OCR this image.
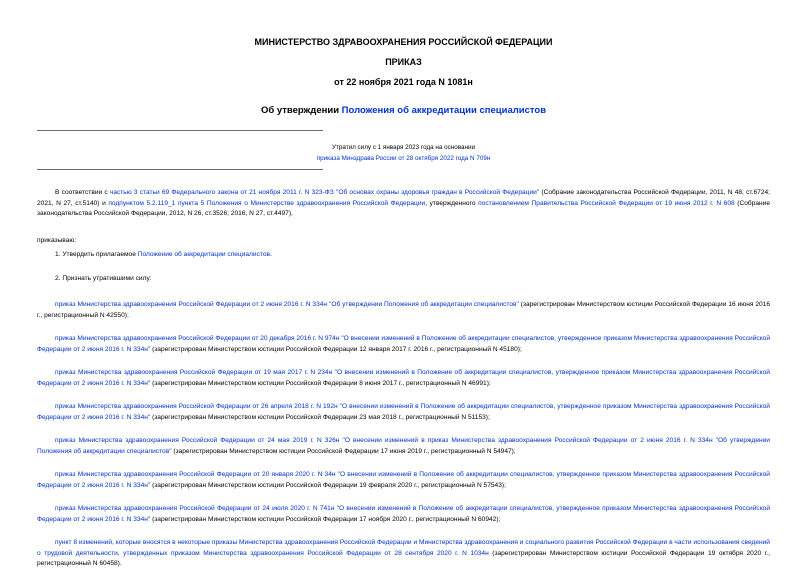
МИНИСТЕРСТВО ЗДРАВООХРАНЕНИЯ РОССИЙСКОЙ ФЕДЕРАЦИИ
ПРИКАЗ
от 22 ноября 2021 года N 1081н
Об утверждении Положения об аккредитации специалистов
Утратил силу с 1 января 2023 года на основании
приказа Минздрава России от 28 октября 2022 года N 709н

В соответствии с частью 3 статьи 69 Федерального закона от 21 ноября 2011 г. N 323-ФЗ "Об основах охраны здоровья граждан в Российской Федерации" (Собрание законодательства Российской Федерации, 2011, N 48, ст.6724; 2021, N 27, ст.5140) и подпунктом 5.2.119_1 пункта 5 Положения о Министерстве здравоохранения Российской Федерации, утвержденного постановлением Правительства Российской Федерации от 19 июня 2012 г. N 608 (Собрание законодательства Российской Федерации, 2012, N 26, ст.3526; 2016, N 27, ст.4497),

приказываю:

1. Утвердить прилагаемое Положение об аккредитации специалистов.

2. Признать утратившими силу:

приказ Министерства здравоохранения Российской Федерации от 2 июня 2016 г. N 334н "Об утверждении Положения об аккредитации специалистов" (зарегистрирован Министерством юстиции Российской Федерации 16 июня 2016 г., регистрационный N 42550);

приказ Министерства здравоохранения Российской Федерации от 20 декабря 2016 г. N 974н "О внесении изменений в Положение об аккредитации специалистов, утвержденное приказом Министерства здравоохранения Российской Федерации от 2 июня 2016 г. N 334н" (зарегистрирован Министерством юстиции Российской Федерации 12 января 2017 г. 2016 г., регистрационный N 45180);

приказ Министерства здравоохранения Российской Федерации от 19 мая 2017 г. N 234н "О внесении изменений в Положение об аккредитации специалистов, утвержденное приказом Министерства здравоохранения Российской Федерации от 2 июня 2016 г. N 334н" (зарегистрирован Министерством юстиции Российской Федерации 8 июня 2017 г., регистрационный N 46991);

приказ Министерства здравоохранения Российской Федерации от 26 апреля 2018 г. N 192н "О внесении изменений в Положение об аккредитации специалистов, утвержденное приказом Министерства здравоохранения Российской Федерации от 2 июня 2016 г. N 334н" (зарегистрирован Министерством юстиции Российской Федерации 23 мая 2018 г., регистрационный N 51153);

приказ Министерства здравоохранения Российской Федерации от 24 мая 2019 г. N 326н "О внесении изменений в приказ Министерства здравоохранения Российской Федерации от 2 июня 2016 г. N 334н "Об утверждении Положения об аккредитации специалистов" (зарегистрирован Министерством юстиции Российской Федерации 17 июня 2019 г., регистрационный N 54947);

приказ Министерства здравоохранения Российской Федерации от 20 января 2020 г. N 34н "О внесении изменений в Положение об аккредитации специалистов, утвержденное приказом Министерства здравоохранения Российской Федерации от 2 июня 2016 г. N 334н" (зарегистрирован Министерством юстиции Российской Федерации 19 февраля 2020 г., регистрационный N 57543);

приказ Министерства здравоохранения Российской Федерации от 24 июля 2020 г. N 741н "О внесении изменений в Положение об аккредитации специалистов, утвержденное приказом Министерства здравоохранения Российской Федерации от 2 июня 2016 г. N 334н" (зарегистрирован Министерством юстиции Российской Федерации 17 ноября 2020 г., регистрационный N 60942);

пункт 8 изменений, которые вносятся в некоторые приказы Министерства здравоохранения Российской Федерации и Министерства здравоохранения и социального развития Российской Федерации в части использования сведений о трудовой деятельности, утвержденных приказом Министерства здравоохранения Российской Федерации от 28 сентября 2020 г. N 1034н (зарегистрирован Министерством юстиции Российской Федерации 19 октября 2020 г., регистрационный N 60458).
